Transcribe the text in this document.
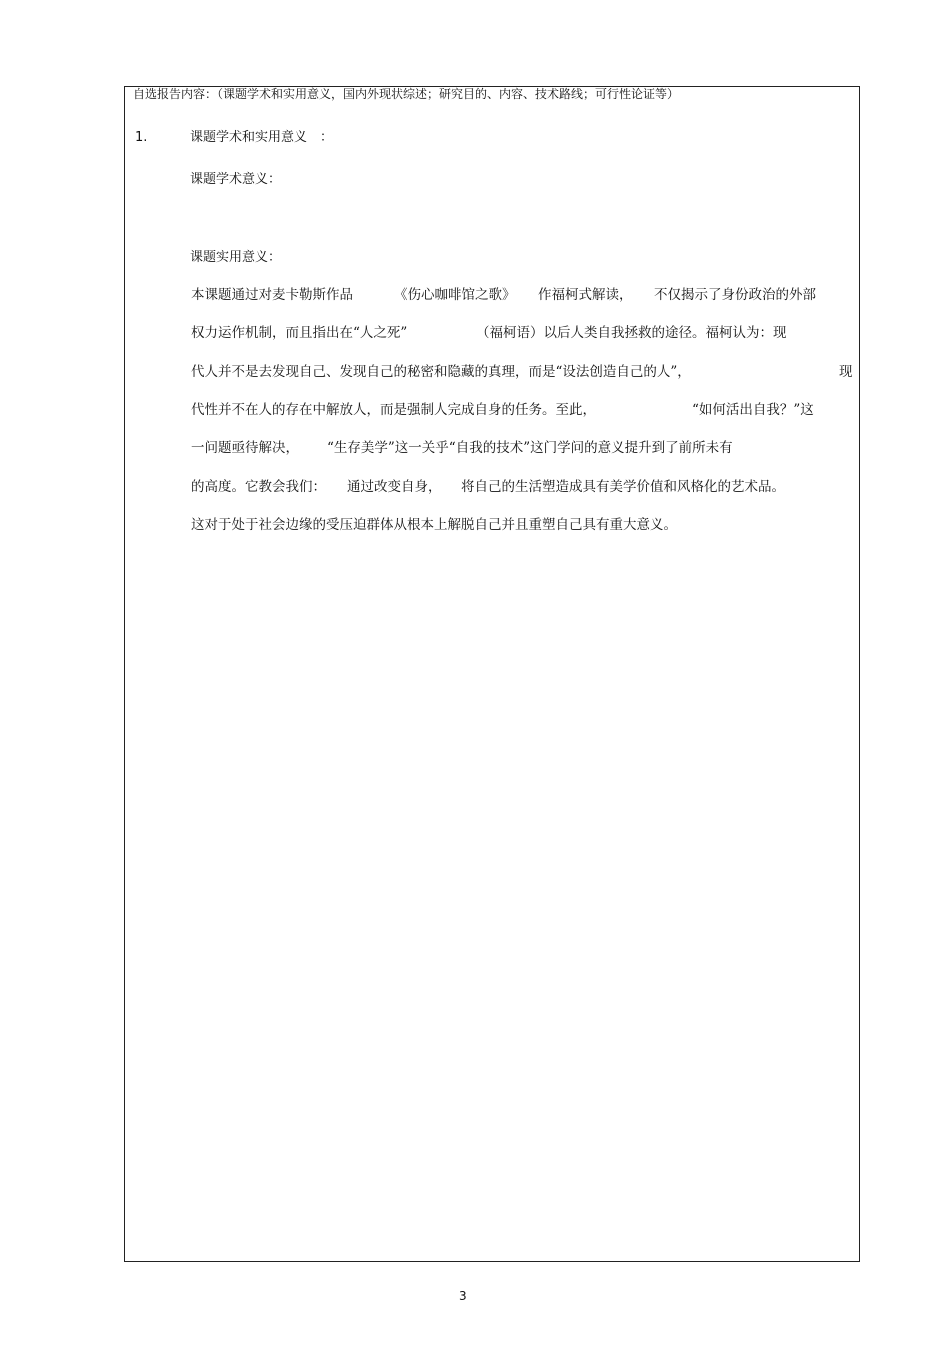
自选报告内容：（课题学术和实用意义，国内外现状综述；研究目的、内容、技术路线；可行性论证等）
1.	课题学术和实用意义　：
课题学术意义：
课题实用意义：
本课题通过对麦卡勒斯作品	《伤心咖啡馆之歌》 作福柯式解读， 不仅揭示了身份政治的外部
权力运作机制，而且指出在“人之死”	（福柯语）以后人类自我拯救的途径。福柯认为：现
代人并不是去发现自己、发现自己的秘密和隐藏的真理，而是“设法创造自己的人”，	现
代性并不在人的存在中解放人，而是强制人完成自身的任务。至此，	“如何活出自我？”这
一问题亟待解决， “生存美学”这一关乎“自我的技术”这门学问的意义提升到了前所未有
的高度。它教会我们： 通过改变自身， 将自己的生活塑造成具有美学价值和风格化的艺术品。
这对于处于社会边缘的受压迫群体从根本上解脱自己并且重塑自己具有重大意义。
3
